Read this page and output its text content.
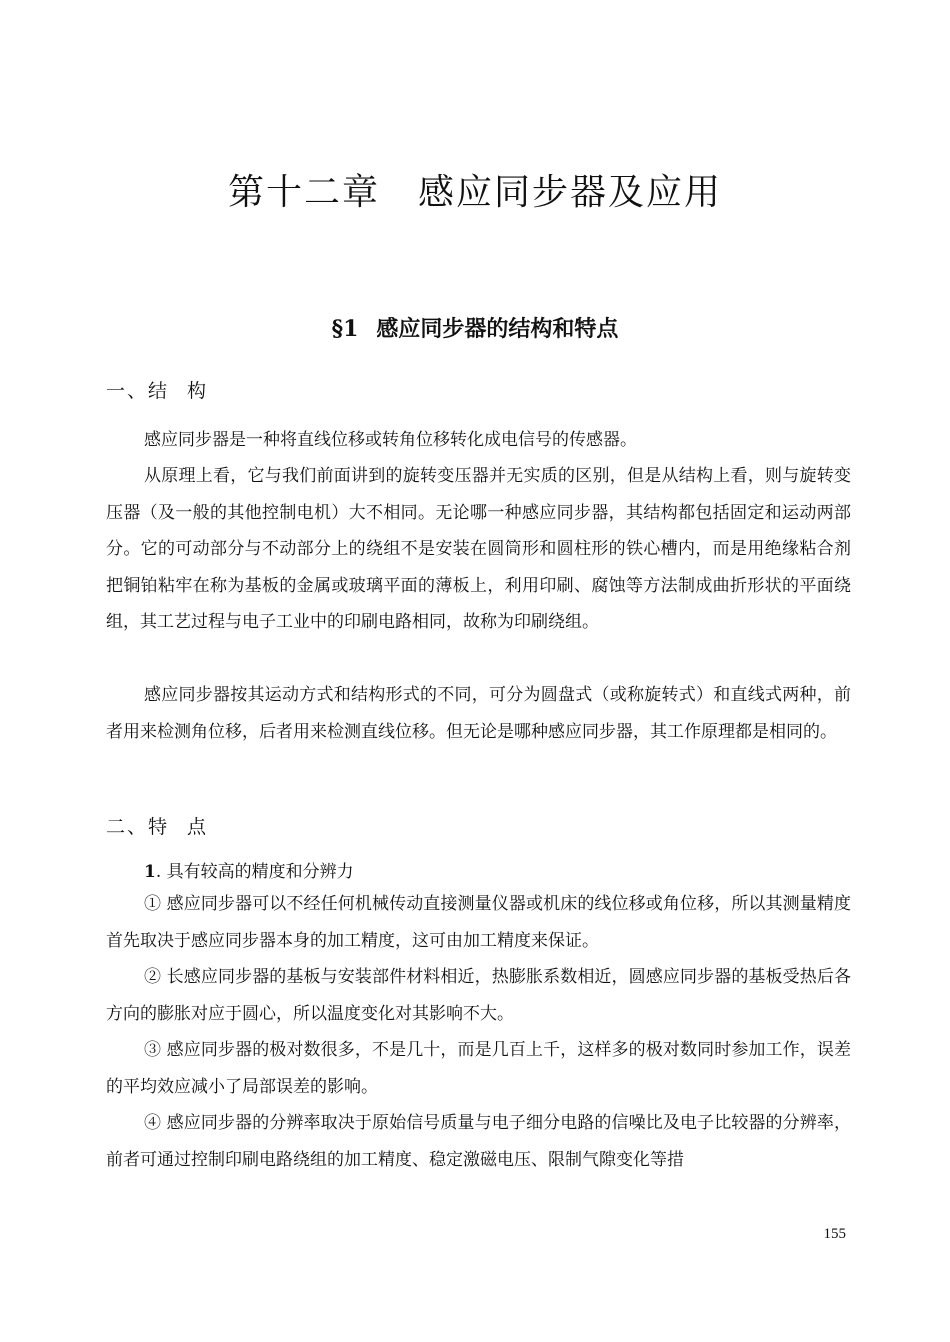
第十二章 感应同步器及应用
§1 感应同步器的结构和特点
一、结 构

感应同步器是一种将直线位移或转角位移转化成电信号的传感器。

从原理上看，它与我们前面讲到的旋转变压器并无实质的区别，但是从结构上看，则与旋转变压器（及一般的其他控制电机）大不相同。无论哪一种感应同步器，其结构都包括固定和运动两部分。它的可动部分与不动部分上的绕组不是安装在圆筒形和圆柱形的铁心槽内，而是用绝缘粘合剂把铜铂粘牢在称为基板的金属或玻璃平面的薄板上，利用印刷、腐蚀等方法制成曲折形状的平面绕组，其工艺过程与电子工业中的印刷电路相同，故称为印刷绕组。

感应同步器按其运动方式和结构形式的不同，可分为圆盘式（或称旋转式）和直线式两种，前者用来检测角位移，后者用来检测直线位移。但无论是哪种感应同步器，其工作原理都是相同的。

二、特 点
1. 具有较高的精度和分辨力

① 感应同步器可以不经任何机械传动直接测量仪器或机床的线位移或角位移，所以其测量精度首先取决于感应同步器本身的加工精度，这可由加工精度来保证。

② 长感应同步器的基板与安装部件材料相近，热膨胀系数相近，圆感应同步器的基板受热后各方向的膨胀对应于圆心，所以温度变化对其影响不大。

③ 感应同步器的极对数很多，不是几十，而是几百上千，这样多的极对数同时参加工作，误差的平均效应减小了局部误差的影响。

④ 感应同步器的分辨率取决于原始信号质量与电子细分电路的信噪比及电子比较器的分辨率，前者可通过控制印刷电路绕组的加工精度、稳定激磁电压、限制气隙变化等措

155
